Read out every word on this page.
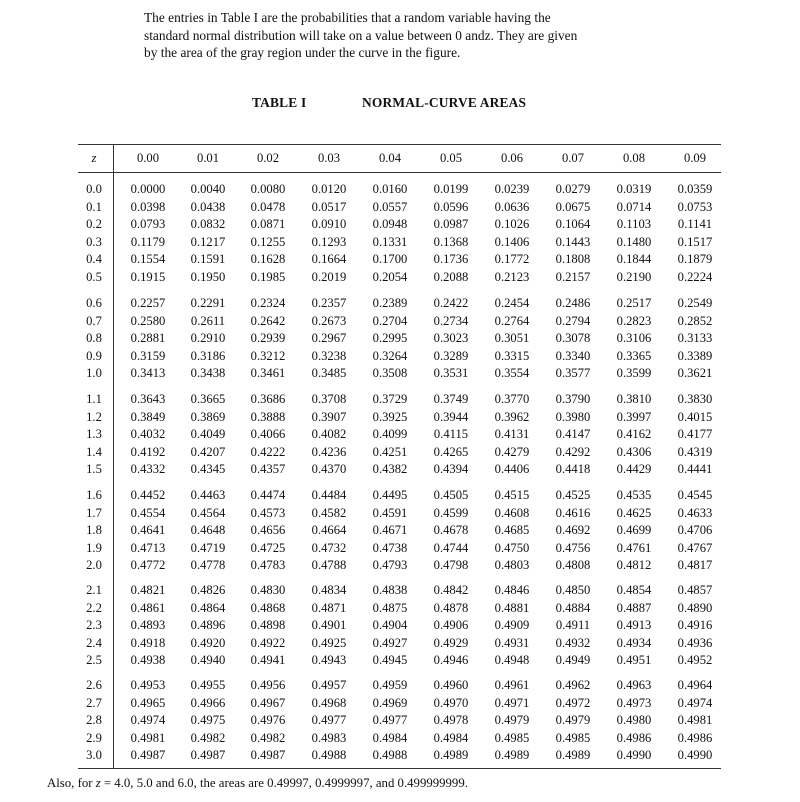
The entries in Table I are the probabilities that a random variable having the
standard normal distribution will take on a value between 0 andz. They are given
by the area of the gray region under the curve in the figure.
TABLE I	NORMAL-CURVE AREAS
z	0.00	0.01	0.02	0.03	0.04	0.05	0.06	0.07	0.08	0.09
0.0	0.0000	0.0040	0.0080	0.0120	0.0160	0.0199	0.0239	0.0279	0.0319	0.0359
0.1	0.0398	0.0438	0.0478	0.0517	0.0557	0.0596	0.0636	0.0675	0.0714	0.0753
0.2	0.0793	0.0832	0.0871	0.0910	0.0948	0.0987	0.1026	0.1064	0.1103	0.1141
0.3	0.1179	0.1217	0.1255	0.1293	0.1331	0.1368	0.1406	0.1443	0.1480	0.1517
0.4	0.1554	0.1591	0.1628	0.1664	0.1700	0.1736	0.1772	0.1808	0.1844	0.1879
0.5	0.1915	0.1950	0.1985	0.2019	0.2054	0.2088	0.2123	0.2157	0.2190	0.2224
0.6	0.2257	0.2291	0.2324	0.2357	0.2389	0.2422	0.2454	0.2486	0.2517	0.2549
0.7	0.2580	0.2611	0.2642	0.2673	0.2704	0.2734	0.2764	0.2794	0.2823	0.2852
0.8	0.2881	0.2910	0.2939	0.2967	0.2995	0.3023	0.3051	0.3078	0.3106	0.3133
0.9	0.3159	0.3186	0.3212	0.3238	0.3264	0.3289	0.3315	0.3340	0.3365	0.3389
1.0	0.3413	0.3438	0.3461	0.3485	0.3508	0.3531	0.3554	0.3577	0.3599	0.3621
1.1	0.3643	0.3665	0.3686	0.3708	0.3729	0.3749	0.3770	0.3790	0.3810	0.3830
1.2	0.3849	0.3869	0.3888	0.3907	0.3925	0.3944	0.3962	0.3980	0.3997	0.4015
1.3	0.4032	0.4049	0.4066	0.4082	0.4099	0.4115	0.4131	0.4147	0.4162	0.4177
1.4	0.4192	0.4207	0.4222	0.4236	0.4251	0.4265	0.4279	0.4292	0.4306	0.4319
1.5	0.4332	0.4345	0.4357	0.4370	0.4382	0.4394	0.4406	0.4418	0.4429	0.4441
1.6	0.4452	0.4463	0.4474	0.4484	0.4495	0.4505	0.4515	0.4525	0.4535	0.4545
1.7	0.4554	0.4564	0.4573	0.4582	0.4591	0.4599	0.4608	0.4616	0.4625	0.4633
1.8	0.4641	0.4648	0.4656	0.4664	0.4671	0.4678	0.4685	0.4692	0.4699	0.4706
1.9	0.4713	0.4719	0.4725	0.4732	0.4738	0.4744	0.4750	0.4756	0.4761	0.4767
2.0	0.4772	0.4778	0.4783	0.4788	0.4793	0.4798	0.4803	0.4808	0.4812	0.4817
2.1	0.4821	0.4826	0.4830	0.4834	0.4838	0.4842	0.4846	0.4850	0.4854	0.4857
2.2	0.4861	0.4864	0.4868	0.4871	0.4875	0.4878	0.4881	0.4884	0.4887	0.4890
2.3	0.4893	0.4896	0.4898	0.4901	0.4904	0.4906	0.4909	0.4911	0.4913	0.4916
2.4	0.4918	0.4920	0.4922	0.4925	0.4927	0.4929	0.4931	0.4932	0.4934	0.4936
2.5	0.4938	0.4940	0.4941	0.4943	0.4945	0.4946	0.4948	0.4949	0.4951	0.4952
2.6	0.4953	0.4955	0.4956	0.4957	0.4959	0.4960	0.4961	0.4962	0.4963	0.4964
2.7	0.4965	0.4966	0.4967	0.4968	0.4969	0.4970	0.4971	0.4972	0.4973	0.4974
2.8	0.4974	0.4975	0.4976	0.4977	0.4977	0.4978	0.4979	0.4979	0.4980	0.4981
2.9	0.4981	0.4982	0.4982	0.4983	0.4984	0.4984	0.4985	0.4985	0.4986	0.4986
3.0	0.4987	0.4987	0.4987	0.4988	0.4988	0.4989	0.4989	0.4989	0.4990	0.4990
Also, for z = 4.0, 5.0 and 6.0, the areas are 0.49997, 0.4999997, and 0.499999999.
